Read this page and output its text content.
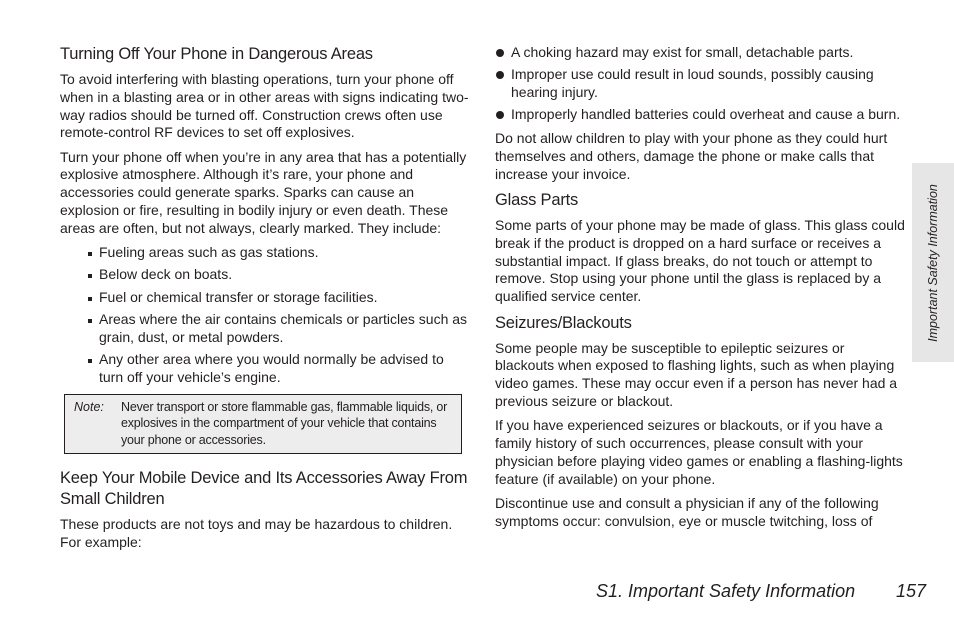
Turning Off Your Phone in Dangerous Areas

To avoid interfering with blasting operations, turn your phone off when in a blasting area or in other areas with signs indicating two-way radios should be turned off. Construction crews often use remote-control RF devices to set off explosives.

Turn your phone off when you’re in any area that has a potentially explosive atmosphere. Although it’s rare, your phone and accessories could generate sparks. Sparks can cause an explosion or fire, resulting in bodily injury or even death. These areas are often, but not always, clearly marked. They include:

Fueling areas such as gas stations.
Below deck on boats.
Fuel or chemical transfer or storage facilities.
Areas where the air contains chemicals or particles such as grain, dust, or metal powders.
Any other area where you would normally be advised to turn off your vehicle’s engine.
Note:	Never transport or store flammable gas, flammable liquids, or explosives in the compartment of your vehicle that contains your phone or accessories.
Keep Your Mobile Device and Its Accessories Away From Small Children

These products are not toys and may be hazardous to children. For example:

A choking hazard may exist for small, detachable parts.
Improper use could result in loud sounds, possibly causing hearing injury.
Improperly handled batteries could overheat and cause a burn.

Do not allow children to play with your phone as they could hurt themselves and others, damage the phone or make calls that increase your invoice.

Glass Parts

Some parts of your phone may be made of glass. This glass could break if the product is dropped on a hard surface or receives a substantial impact. If glass breaks, do not touch or attempt to remove. Stop using your phone until the glass is replaced by a qualified service center.

Seizures/Blackouts

Some people may be susceptible to epileptic seizures or blackouts when exposed to flashing lights, such as when playing video games. These may occur even if a person has never had a previous seizure or blackout.

If you have experienced seizures or blackouts, or if you have a family history of such occurrences, please consult with your physician before playing video games or enabling a flashing-lights feature (if available) on your phone.

Discontinue use and consult a physician if any of the following symptoms occur: convulsion, eye or muscle twitching, loss of

Important Safety Information
S1. Important Safety Information 157
